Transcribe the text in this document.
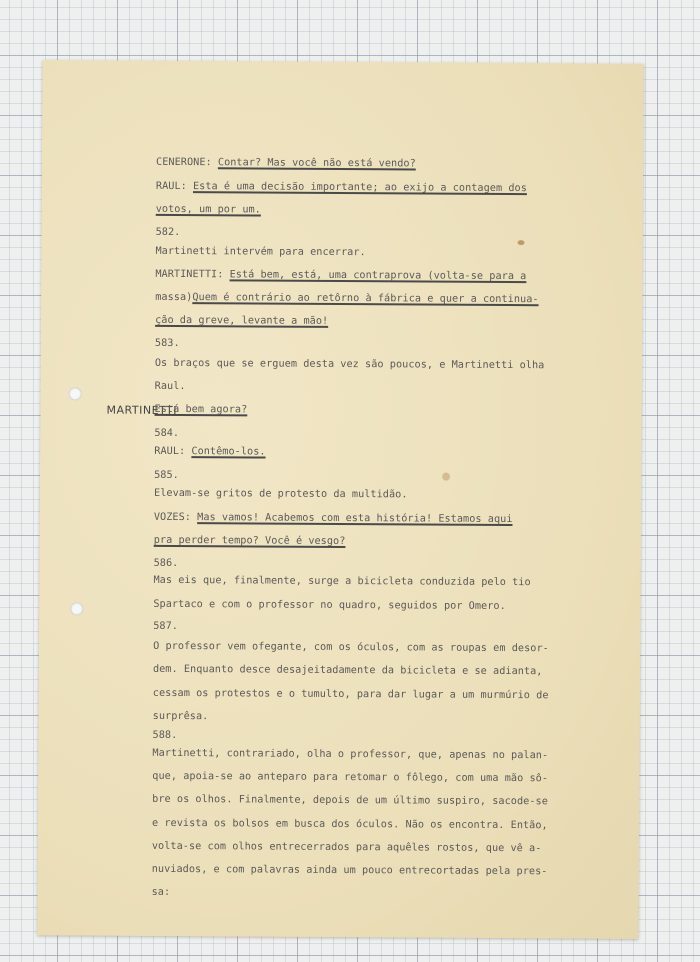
MARTINETTI
CENERONE: Contar? Mas você não está vendo?
RAUL: Esta é uma decisão importante; ao exijo a contagem dos
votos, um por um.
582.
Martinetti intervém para encerrar.
MARTINETTI: Está bem, está, uma contraprova (volta-se para a
massa)Quem é contrário ao retôrno à fábrica e quer a continua-
ção da greve, levante a mão!
583.
Os braços que se erguem desta vez são poucos, e Martinetti olha
Raul.
Está bem agora?
584.
RAUL: Contêmo-los.
585.
Elevam-se gritos de protesto da multidão.
VOZES: Mas vamos! Acabemos com esta história! Estamos aqui
pra perder tempo? Você é vesgo?
586.
Mas eis que, finalmente, surge a bicicleta conduzida pelo tio
Spartaco e com o professor no quadro, seguidos por Omero.
587.
O professor vem ofegante, com os óculos, com as roupas em desor-
dem. Enquanto desce desajeitadamente da bicicleta e se adianta,
cessam os protestos e o tumulto, para dar lugar a um murmúrio de
surprêsa.
588.
Martinetti, contrariado, olha o professor, que, apenas no palan-
que, apoia-se ao anteparo para retomar o fôlego, com uma mão sô-
bre os olhos. Finalmente, depois de um último suspiro, sacode-se
e revista os bolsos em busca dos óculos. Não os encontra. Então,
volta-se com olhos entrecerrados para aquêles rostos, que vê a-
nuviados, e com palavras ainda um pouco entrecortadas pela pres-
sa:
